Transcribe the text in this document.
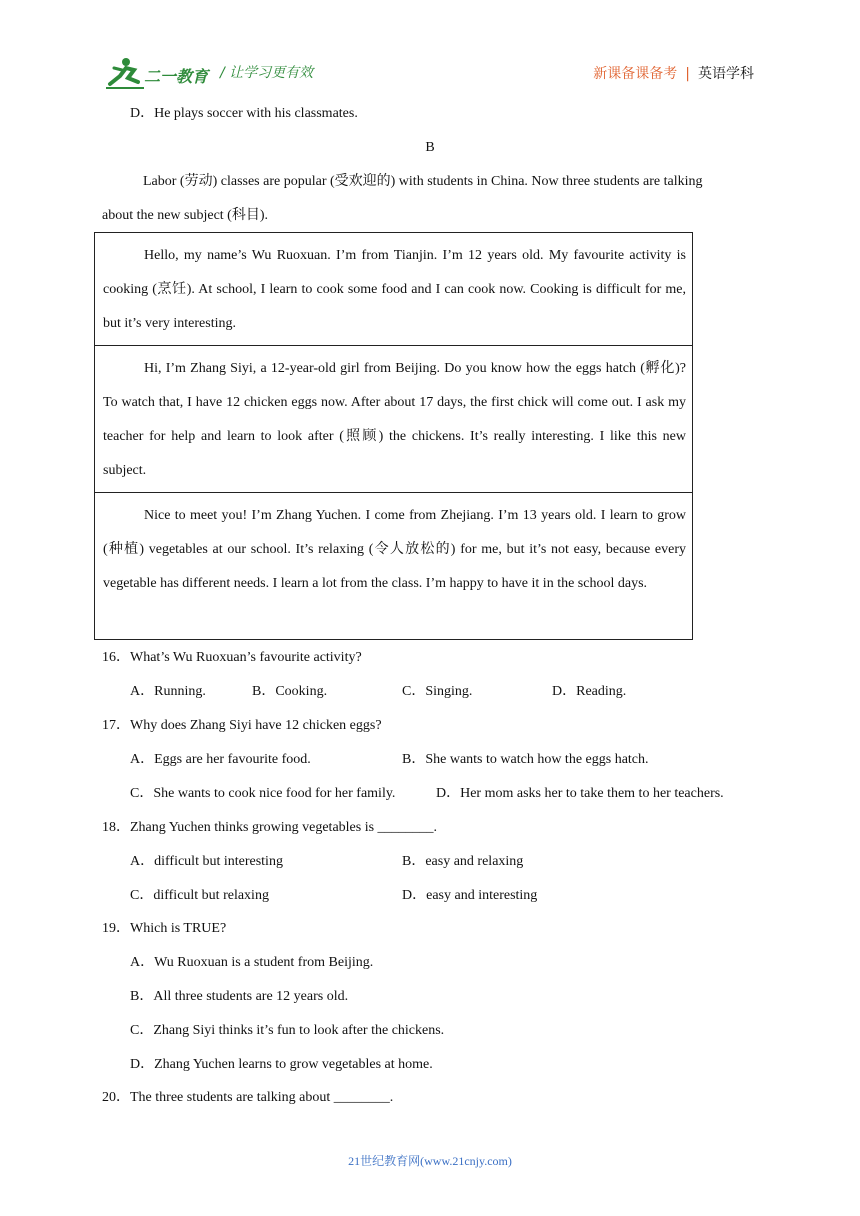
二一教育 / 让学习更有效	新课备课备考 | 英语学科
D．He plays soccer with his classmates.
B
Labor (劳动) classes are popular (受欢迎的) with students in China. Now three students are talking
about the new subject (科目).
Hello, my name’s Wu Ruoxuan. I’m from Tianjin. I’m 12 years old. My favourite activity is cooking (烹饪). At school, I learn to cook some food and I can cook now. Cooking is difficult for me, but it’s very interesting.
Hi, I’m Zhang Siyi, a 12-year-old girl from Beijing. Do you know how the eggs hatch (孵化)? To watch that, I have 12 chicken eggs now. After about 17 days, the first chick will come out. I ask my teacher for help and learn to look after (照顾) the chickens. It’s really interesting. I like this new subject.
Nice to meet you! I’m Zhang Yuchen. I come from Zhejiang. I’m 13 years old. I learn to grow (种植) vegetables at our school. It’s relaxing (令人放松的) for me, but it’s not easy, because every vegetable has different needs. I learn a lot from the class. I’m happy to have it in the school days.
16．What’s Wu Ruoxuan’s favourite activity?
A．Running.	B．Cooking.	C．Singing.	D．Reading.
17．Why does Zhang Siyi have 12 chicken eggs?
A．Eggs are her favourite food.	B．She wants to watch how the eggs hatch.
C．She wants to cook nice food for her family.	D．Her mom asks her to take them to her teachers.
18．Zhang Yuchen thinks growing vegetables is ________.
A．difficult but interesting	B．easy and relaxing
C．difficult but relaxing	D．easy and interesting
19．Which is TRUE?
A．Wu Ruoxuan is a student from Beijing.
B．All three students are 12 years old.
C．Zhang Siyi thinks it’s fun to look after the chickens.
D．Zhang Yuchen learns to grow vegetables at home.
20．The three students are talking about ________.
21世纪教育网(www.21cnjy.com)
